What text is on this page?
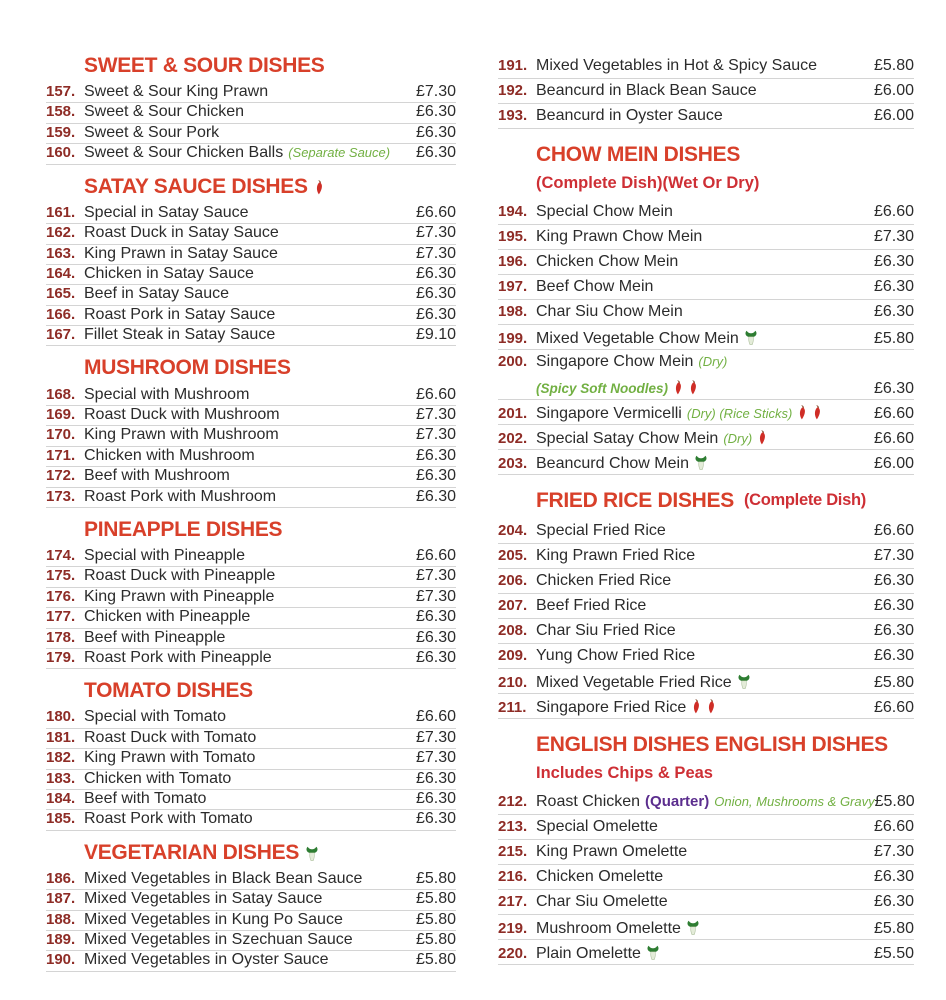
SWEET & SOUR DISHES
157. Sweet & Sour King Prawn	£7.30
158. Sweet & Sour Chicken	£6.30
159. Sweet & Sour Pork	£6.30
160. Sweet & Sour Chicken Balls (Separate Sauce) £6.30
SATAY SAUCE DISHES
161. Special in Satay Sauce	£6.60
162. Roast Duck in Satay Sauce	£7.30
163. King Prawn in Satay Sauce	£7.30
164. Chicken in Satay Sauce	£6.30
165. Beef in Satay Sauce	£6.30
166. Roast Pork in Satay Sauce	£6.30
167. Fillet Steak in Satay Sauce	£9.10
MUSHROOM DISHES
168. Special with Mushroom	£6.60
169. Roast Duck with Mushroom	£7.30
170. King Prawn with Mushroom	£7.30
171. Chicken with Mushroom	£6.30
172. Beef with Mushroom	£6.30
173. Roast Pork with Mushroom	£6.30
PINEAPPLE DISHES
174. Special with Pineapple	£6.60
175. Roast Duck with Pineapple	£7.30
176. King Prawn with Pineapple	£7.30
177. Chicken with Pineapple	£6.30
178. Beef with Pineapple	£6.30
179. Roast Pork with Pineapple	£6.30
TOMATO DISHES
180. Special with Tomato	£6.60
181. Roast Duck with Tomato	£7.30
182. King Prawn with Tomato	£7.30
183. Chicken with Tomato	£6.30
184. Beef with Tomato	£6.30
185. Roast Pork with Tomato	£6.30
VEGETARIAN DISHES
186. Mixed Vegetables in Black Bean Sauce	£5.80
187. Mixed Vegetables in Satay Sauce	£5.80
188. Mixed Vegetables in Kung Po Sauce	£5.80
189. Mixed Vegetables in Szechuan Sauce	£5.80
190. Mixed Vegetables in Oyster Sauce	£5.80
191. Mixed Vegetables in Hot & Spicy Sauce	£5.80
192. Beancurd in Black Bean Sauce	£6.00
193. Beancurd in Oyster Sauce	£6.00
CHOW MEIN DISHES
(Complete Dish)(Wet Or Dry)
194. Special Chow Mein	£6.60
195. King Prawn Chow Mein	£7.30
196. Chicken Chow Mein	£6.30
197. Beef Chow Mein	£6.30
198. Char Siu Chow Mein	£6.30
199. Mixed Vegetable Chow Mein	£5.80
200. Singapore Chow Mein (Dry)
(Spicy Soft Noodles)	£6.30
201. Singapore Vermicelli (Dry) (Rice Sticks)	£6.60
202. Special Satay Chow Mein (Dry)	£6.60
203. Beancurd Chow Mein	£6.00
FRIED RICE DISHES (Complete Dish)
204. Special Fried Rice	£6.60
205. King Prawn Fried Rice	£7.30
206. Chicken Fried Rice	£6.30
207. Beef Fried Rice	£6.30
208. Char Siu Fried Rice	£6.30
209. Yung Chow Fried Rice	£6.30
210. Mixed Vegetable Fried Rice	£5.80
211. Singapore Fried Rice	£6.60
ENGLISH DISHES ENGLISH DISHES
Includes Chips & Peas
212. Roast Chicken (Quarter) Onion, Mushrooms & Gravy £5.80
213. Special Omelette	£6.60
215. King Prawn Omelette	£7.30
216. Chicken Omelette	£6.30
217. Char Siu Omelette	£6.30
219. Mushroom Omelette	£5.80
220. Plain Omelette	£5.50
